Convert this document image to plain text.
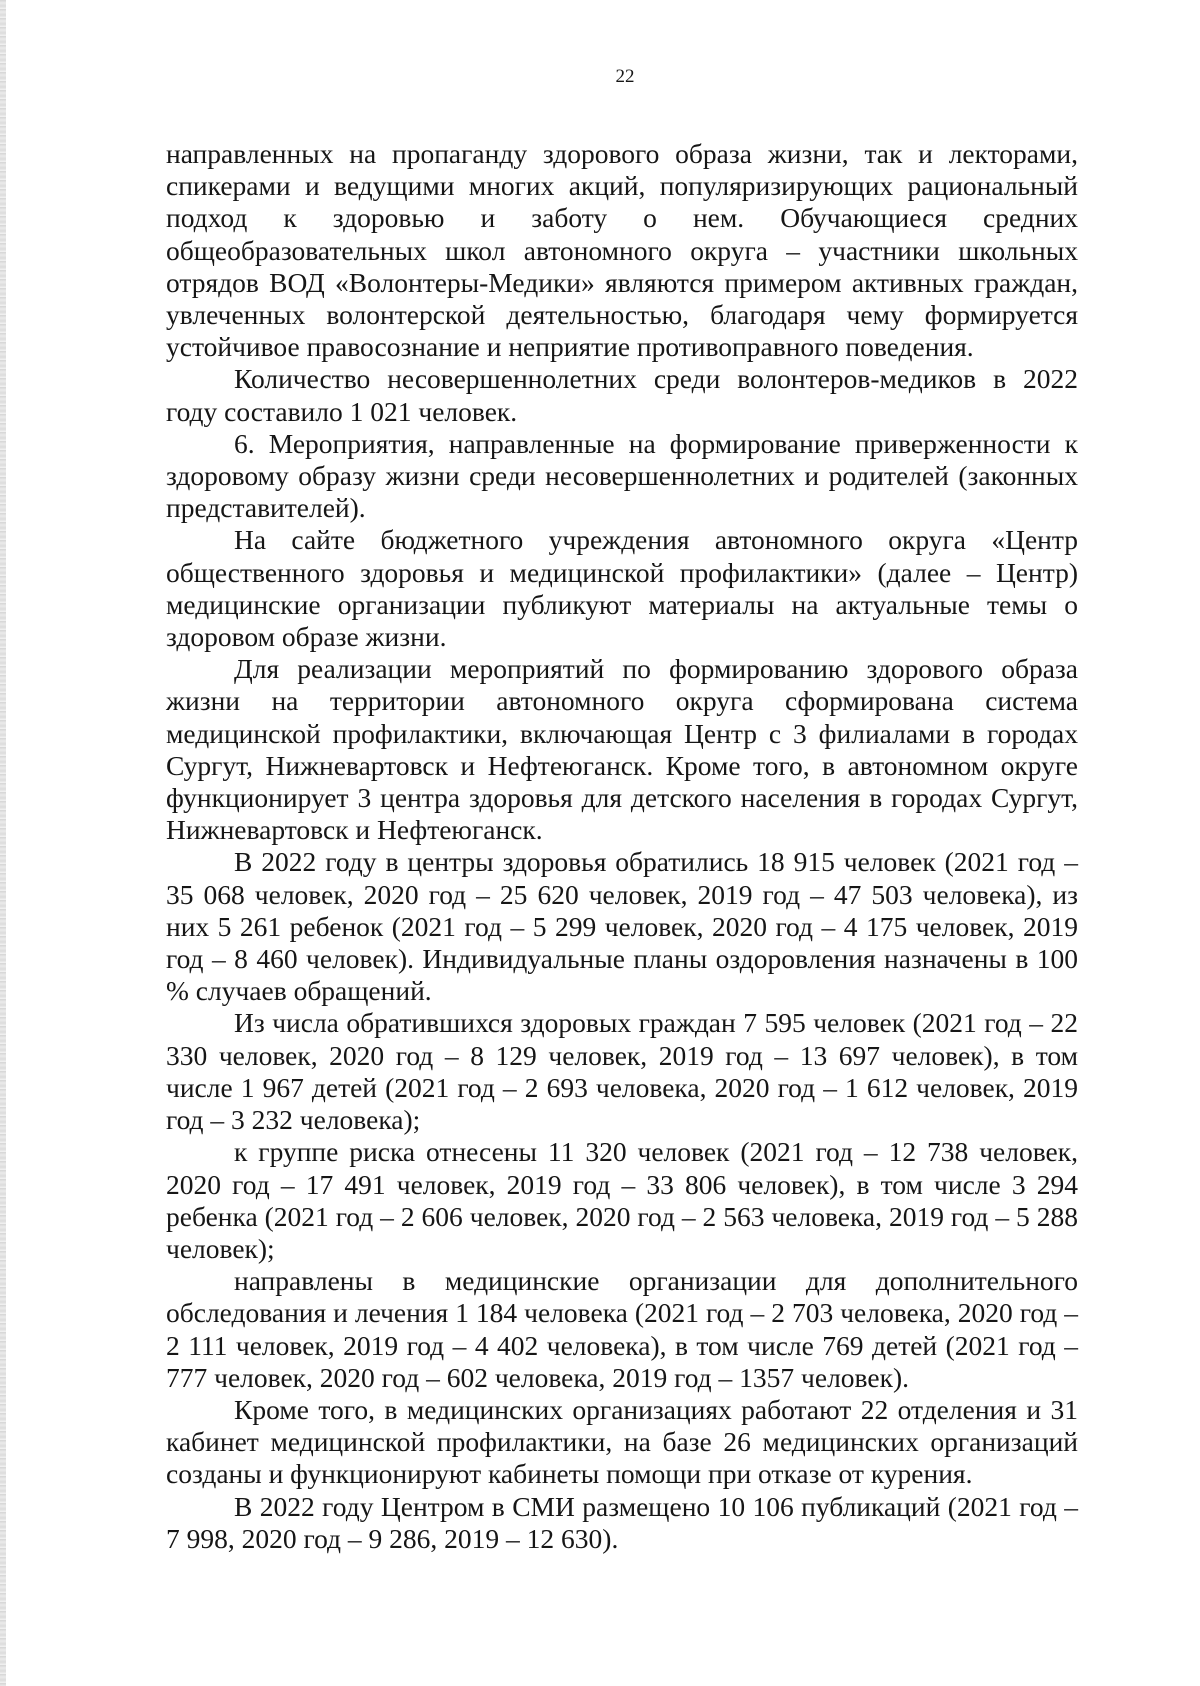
22

направленных на пропаганду здорового образа жизни, так и лекторами, спикерами и ведущими многих акций, популяризирующих рациональный подход к здоровью и заботу о нем. Обучающиеся средних общеобразовательных школ автономного округа – участники школьных отрядов ВОД «Волонтеры-Медики» являются примером активных граждан, увлеченных волонтерской деятельностью, благодаря чему формируется устойчивое правосознание и неприятие противоправного поведения.

Количество несовершеннолетних среди волонтеров-медиков в 2022 году составило 1 021 человек.

6. Мероприятия, направленные на формирование приверженности к здоровому образу жизни среди несовершеннолетних и родителей (законных представителей).

На сайте бюджетного учреждения автономного округа «Центр общественного здоровья и медицинской профилактики» (далее – Центр) медицинские организации публикуют материалы на актуальные темы о здоровом образе жизни.

Для реализации мероприятий по формированию здорового образа жизни на территории автономного округа сформирована система медицинской профилактики, включающая Центр с 3 филиалами в городах Сургут, Нижневартовск и Нефтеюганск. Кроме того, в автономном округе функционирует 3 центра здоровья для детского населения в городах Сургут, Нижневартовск и Нефтеюганск.

В 2022 году в центры здоровья обратились 18 915 человек (2021 год – 35 068 человек, 2020 год – 25 620 человек, 2019 год – 47 503 человека), из них 5 261 ребенок (2021 год – 5 299 человек, 2020 год – 4 175 человек, 2019 год – 8 460 человек). Индивидуальные планы оздоровления назначены в 100 % случаев обращений.

Из числа обратившихся здоровых граждан 7 595 человек (2021 год – 22 330 человек, 2020 год – 8 129 человек, 2019 год – 13 697 человек), в том числе 1 967 детей (2021 год – 2 693 человека, 2020 год – 1 612 человек, 2019 год – 3 232 человека);

к группе риска отнесены 11 320 человек (2021 год – 12 738 человек, 2020 год – 17 491 человек, 2019 год – 33 806 человек), в том числе 3 294 ребенка (2021 год – 2 606 человек, 2020 год – 2 563 человека, 2019 год – 5 288 человек);

направлены в медицинские организации для дополнительного обследования и лечения 1 184 человека (2021 год – 2 703 человека, 2020 год – 2 111 человек, 2019 год – 4 402 человека), в том числе 769 детей (2021 год – 777 человек, 2020 год – 602 человека, 2019 год – 1357 человек).

Кроме того, в медицинских организациях работают 22 отделения и 31 кабинет медицинской профилактики, на базе 26 медицинских организаций созданы и функционируют кабинеты помощи при отказе от курения.

В 2022 году Центром в СМИ размещено 10 106 публикаций (2021 год – 7 998, 2020 год – 9 286, 2019 – 12 630).
